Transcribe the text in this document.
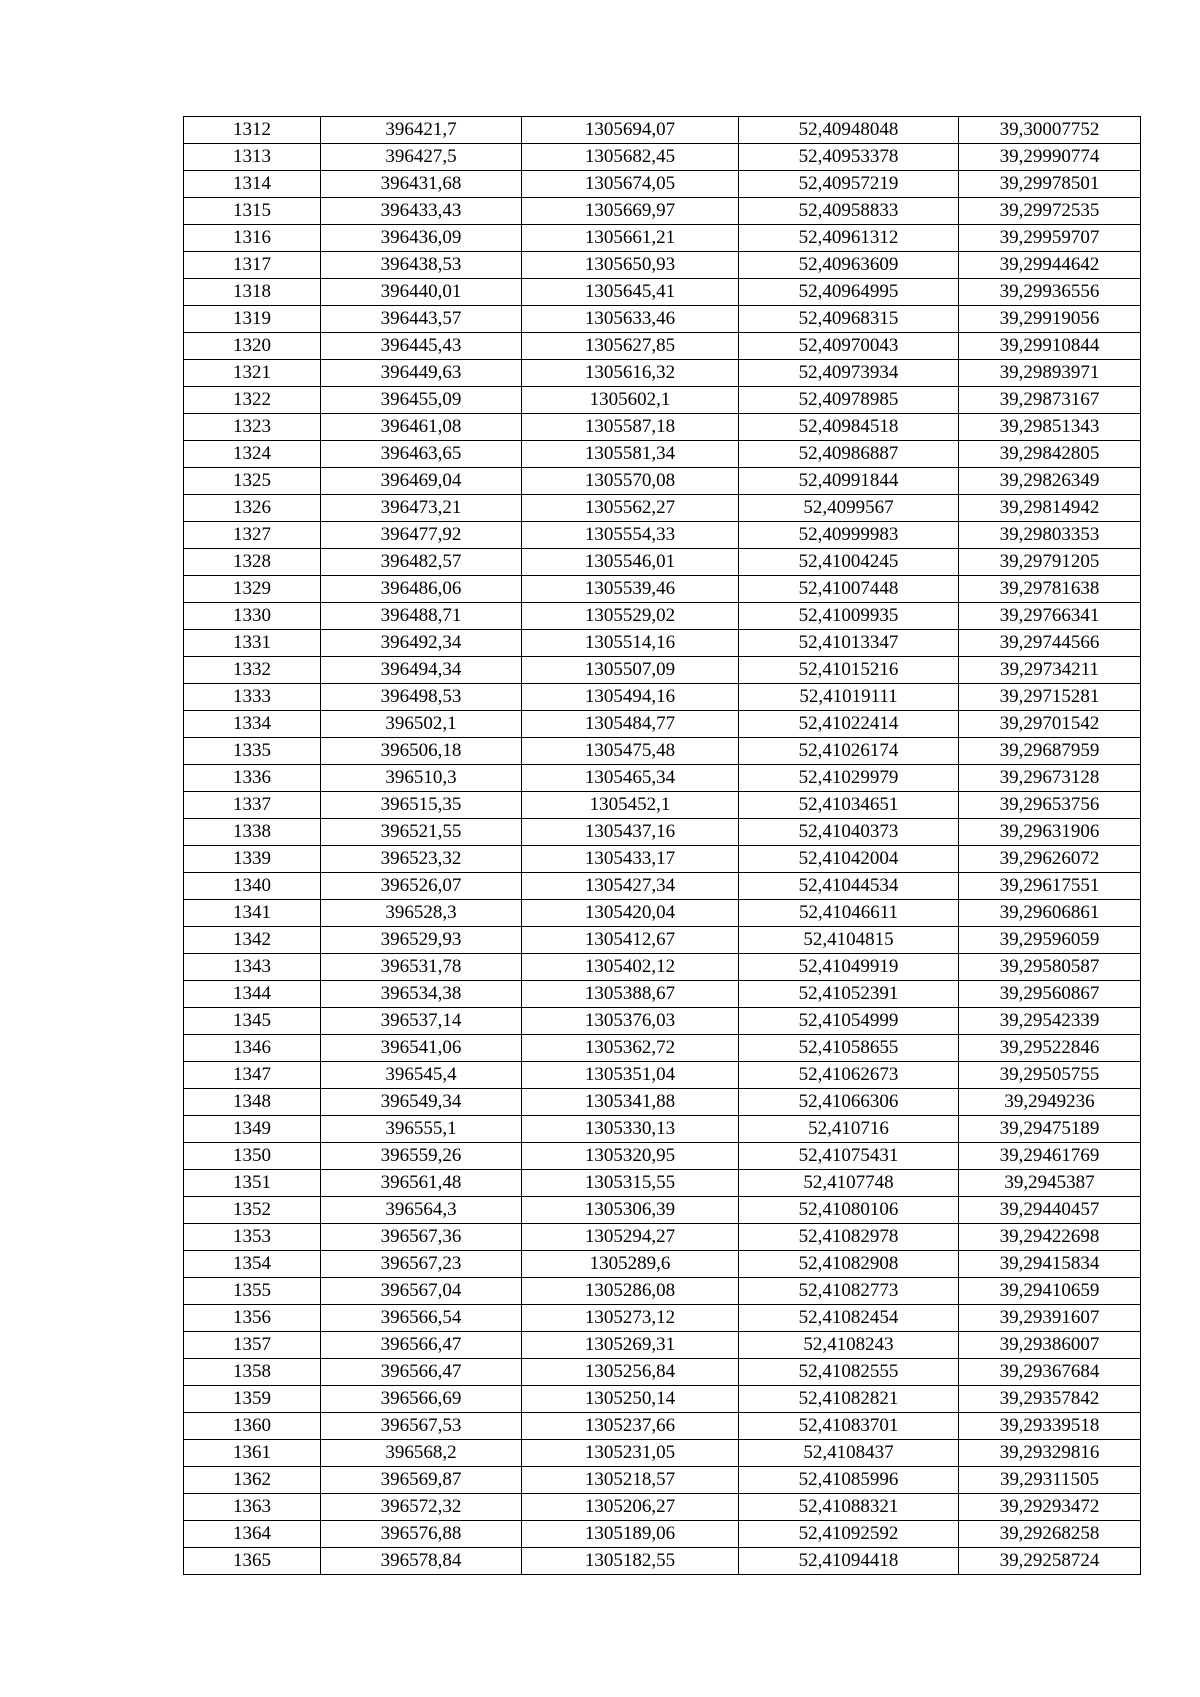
1312	396421,7	1305694,07	52,40948048	39,30007752
1313	396427,5	1305682,45	52,40953378	39,29990774
1314	396431,68	1305674,05	52,40957219	39,29978501
1315	396433,43	1305669,97	52,40958833	39,29972535
1316	396436,09	1305661,21	52,40961312	39,29959707
1317	396438,53	1305650,93	52,40963609	39,29944642
1318	396440,01	1305645,41	52,40964995	39,29936556
1319	396443,57	1305633,46	52,40968315	39,29919056
1320	396445,43	1305627,85	52,40970043	39,29910844
1321	396449,63	1305616,32	52,40973934	39,29893971
1322	396455,09	1305602,1	52,40978985	39,29873167
1323	396461,08	1305587,18	52,40984518	39,29851343
1324	396463,65	1305581,34	52,40986887	39,29842805
1325	396469,04	1305570,08	52,40991844	39,29826349
1326	396473,21	1305562,27	52,4099567	39,29814942
1327	396477,92	1305554,33	52,40999983	39,29803353
1328	396482,57	1305546,01	52,41004245	39,29791205
1329	396486,06	1305539,46	52,41007448	39,29781638
1330	396488,71	1305529,02	52,41009935	39,29766341
1331	396492,34	1305514,16	52,41013347	39,29744566
1332	396494,34	1305507,09	52,41015216	39,29734211
1333	396498,53	1305494,16	52,41019111	39,29715281
1334	396502,1	1305484,77	52,41022414	39,29701542
1335	396506,18	1305475,48	52,41026174	39,29687959
1336	396510,3	1305465,34	52,41029979	39,29673128
1337	396515,35	1305452,1	52,41034651	39,29653756
1338	396521,55	1305437,16	52,41040373	39,29631906
1339	396523,32	1305433,17	52,41042004	39,29626072
1340	396526,07	1305427,34	52,41044534	39,29617551
1341	396528,3	1305420,04	52,41046611	39,29606861
1342	396529,93	1305412,67	52,4104815	39,29596059
1343	396531,78	1305402,12	52,41049919	39,29580587
1344	396534,38	1305388,67	52,41052391	39,29560867
1345	396537,14	1305376,03	52,41054999	39,29542339
1346	396541,06	1305362,72	52,41058655	39,29522846
1347	396545,4	1305351,04	52,41062673	39,29505755
1348	396549,34	1305341,88	52,41066306	39,2949236
1349	396555,1	1305330,13	52,410716	39,29475189
1350	396559,26	1305320,95	52,41075431	39,29461769
1351	396561,48	1305315,55	52,4107748	39,2945387
1352	396564,3	1305306,39	52,41080106	39,29440457
1353	396567,36	1305294,27	52,41082978	39,29422698
1354	396567,23	1305289,6	52,41082908	39,29415834
1355	396567,04	1305286,08	52,41082773	39,29410659
1356	396566,54	1305273,12	52,41082454	39,29391607
1357	396566,47	1305269,31	52,4108243	39,29386007
1358	396566,47	1305256,84	52,41082555	39,29367684
1359	396566,69	1305250,14	52,41082821	39,29357842
1360	396567,53	1305237,66	52,41083701	39,29339518
1361	396568,2	1305231,05	52,4108437	39,29329816
1362	396569,87	1305218,57	52,41085996	39,29311505
1363	396572,32	1305206,27	52,41088321	39,29293472
1364	396576,88	1305189,06	52,41092592	39,29268258
1365	396578,84	1305182,55	52,41094418	39,29258724
